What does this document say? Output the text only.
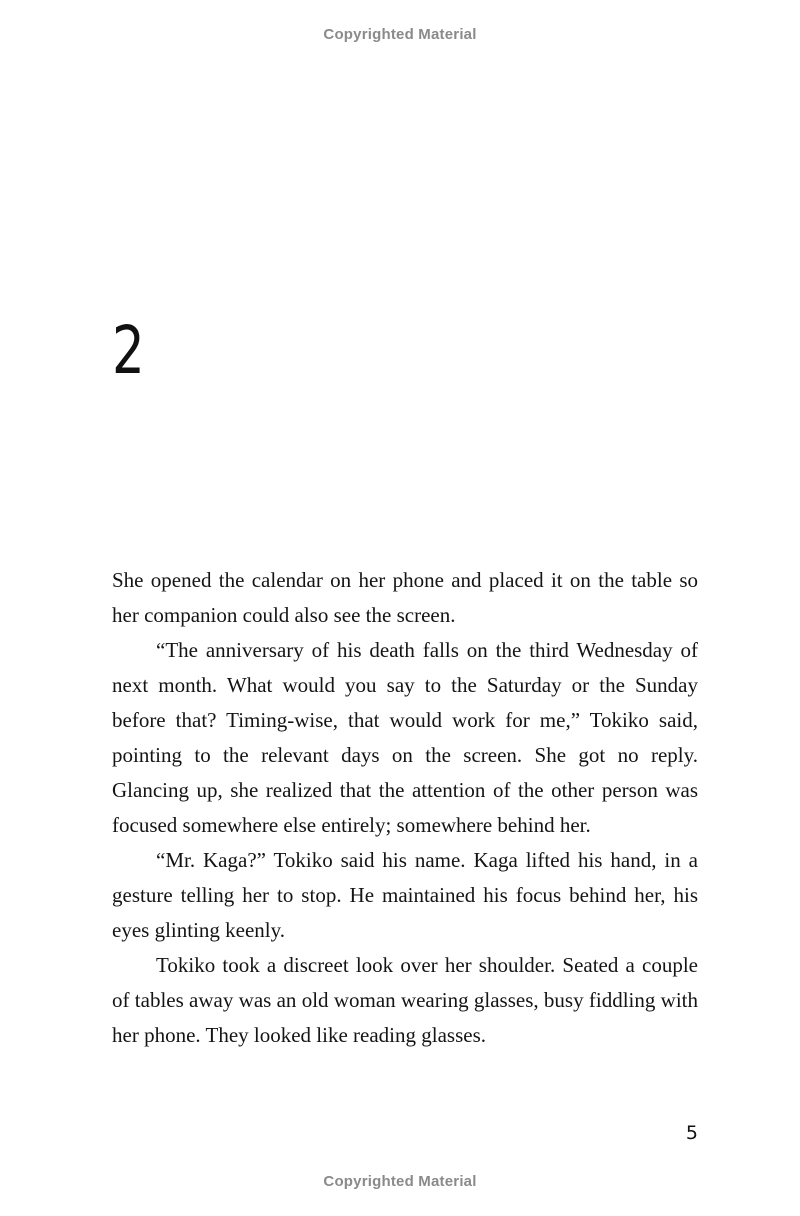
Copyrighted Material
2

She opened the calendar on her phone and placed it on the table so her companion could also see the screen.

“The anniversary of his death falls on the third Wednesday of next month. What would you say to the Saturday or the Sunday before that? Timing-wise, that would work for me,” Tokiko said, pointing to the relevant days on the screen. She got no reply. Glancing up, she realized that the attention of the other person was focused somewhere else entirely; somewhere behind her.

“Mr. Kaga?” Tokiko said his name. Kaga lifted his hand, in a gesture telling her to stop. He maintained his focus behind her, his eyes glinting keenly.

Tokiko took a discreet look over her shoulder. Seated a couple of tables away was an old woman wearing glasses, busy fiddling with her phone. They looked like reading glasses.

5
Copyrighted Material
